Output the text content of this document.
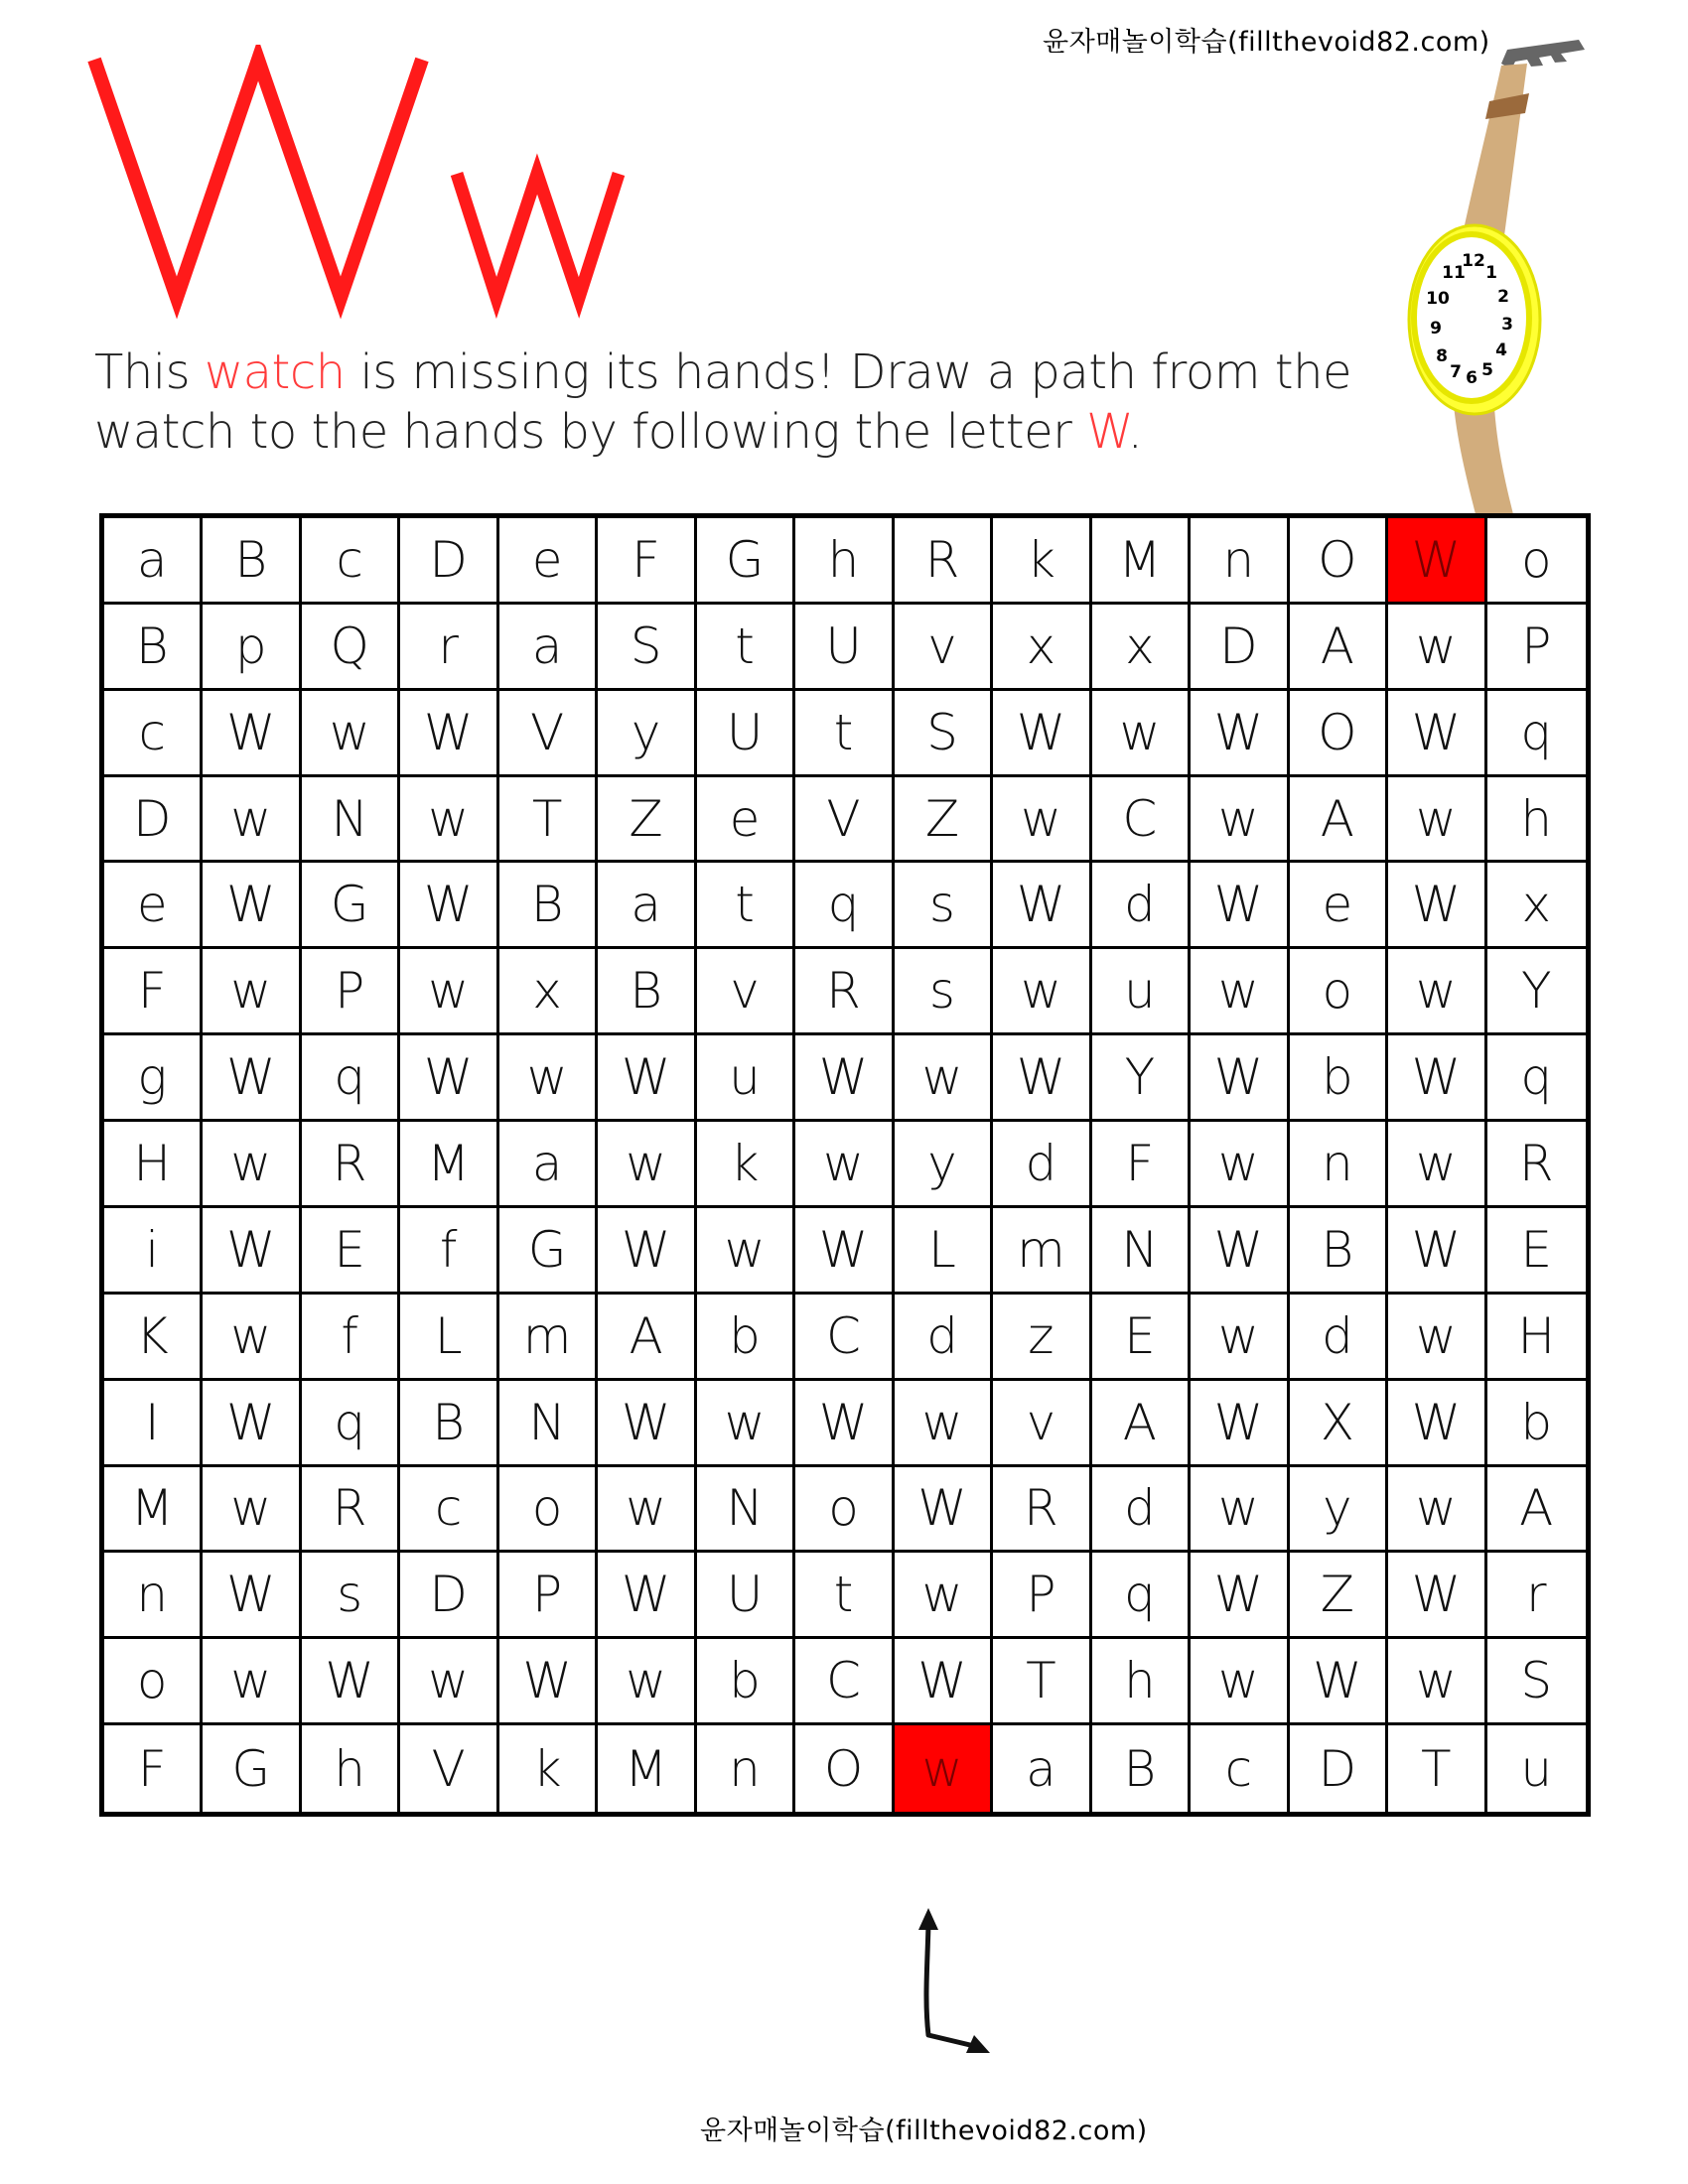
윤자매놀이학습(fillthevoid82.com)
This watch is missing its hands! Draw a path from the watch to the hands by following the letter W.
12
1
2
3
4
5
6
7
8
9
10
11
a	B	c	D	e	F	G	h	R	k	M	n	O	W	o
B	p	Q	r	a	S	t	U	v	x	x	D	A	w	P
c	W	w	W	V	y	U	t	S	W	w	W	O	W	q
D	w	N	w	T	Z	e	V	Z	w	C	w	A	w	h
e	W	G	W	B	a	t	q	s	W	d	W	e	W	x
F	w	P	w	x	B	v	R	s	w	u	w	o	w	Y
g	W	q	W	w	W	u	W	w	W	Y	W	b	W	q
H	w	R	M	a	w	k	w	y	d	F	w	n	w	R
i	W	E	f	G	W	w	W	L	m	N	W	B	W	E
K	w	f	L	m	A	b	C	d	z	E	w	d	w	H
I	W	q	B	N	W	w	W	w	v	A	W	X	W	b
M	w	R	c	o	w	N	o	W	R	d	w	y	w	A
n	W	s	D	P	W	U	t	w	P	q	W	Z	W	r
o	w	W	w	W	w	b	C	W	T	h	w	W	w	S
F	G	h	V	k	M	n	O	w	a	B	c	D	T	u
윤자매놀이학습(fillthevoid82.com)
